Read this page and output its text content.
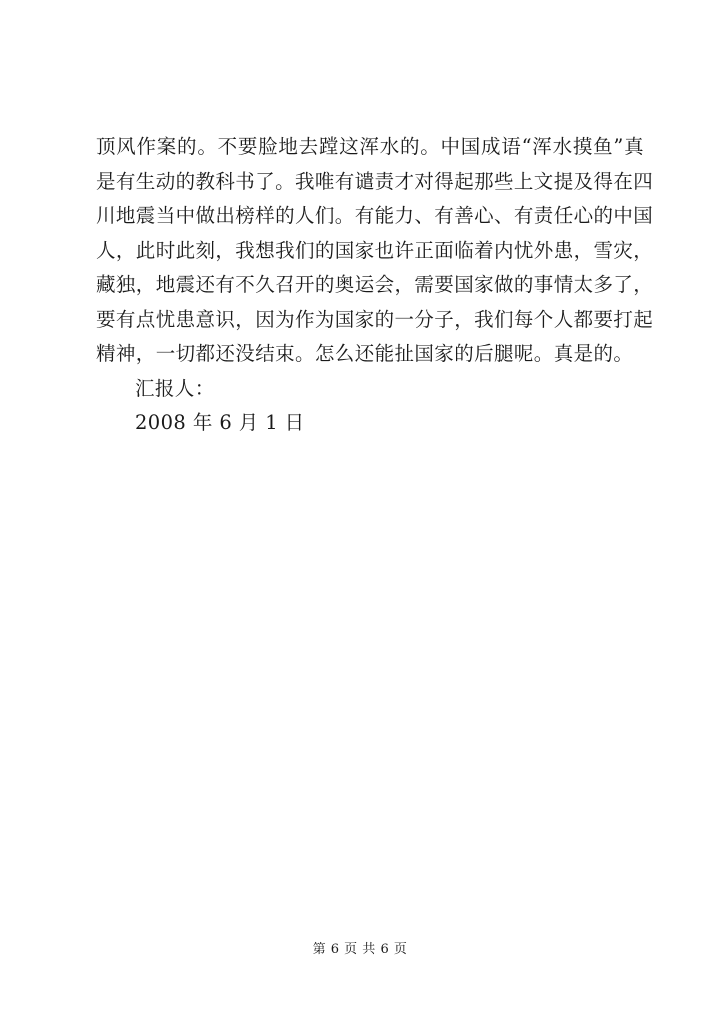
顶风作案的。不要脸地去蹚这浑水的。中国成语“浑水摸鱼”真
是有生动的教科书了。我唯有谴责才对得起那些上文提及得在四
川地震当中做出榜样的人们。有能力、有善心、有责任心的中国
人，此时此刻，我想我们的国家也许正面临着内忧外患，雪灾，
藏独，地震还有不久召开的奥运会，需要国家做的事情太多了，
要有点忧患意识，因为作为国家的一分子，我们每个人都要打起
精神，一切都还没结束。怎么还能扯国家的后腿呢。真是的。
汇报人：
2008 年 6 月 1 日
第 6 页 共 6 页
